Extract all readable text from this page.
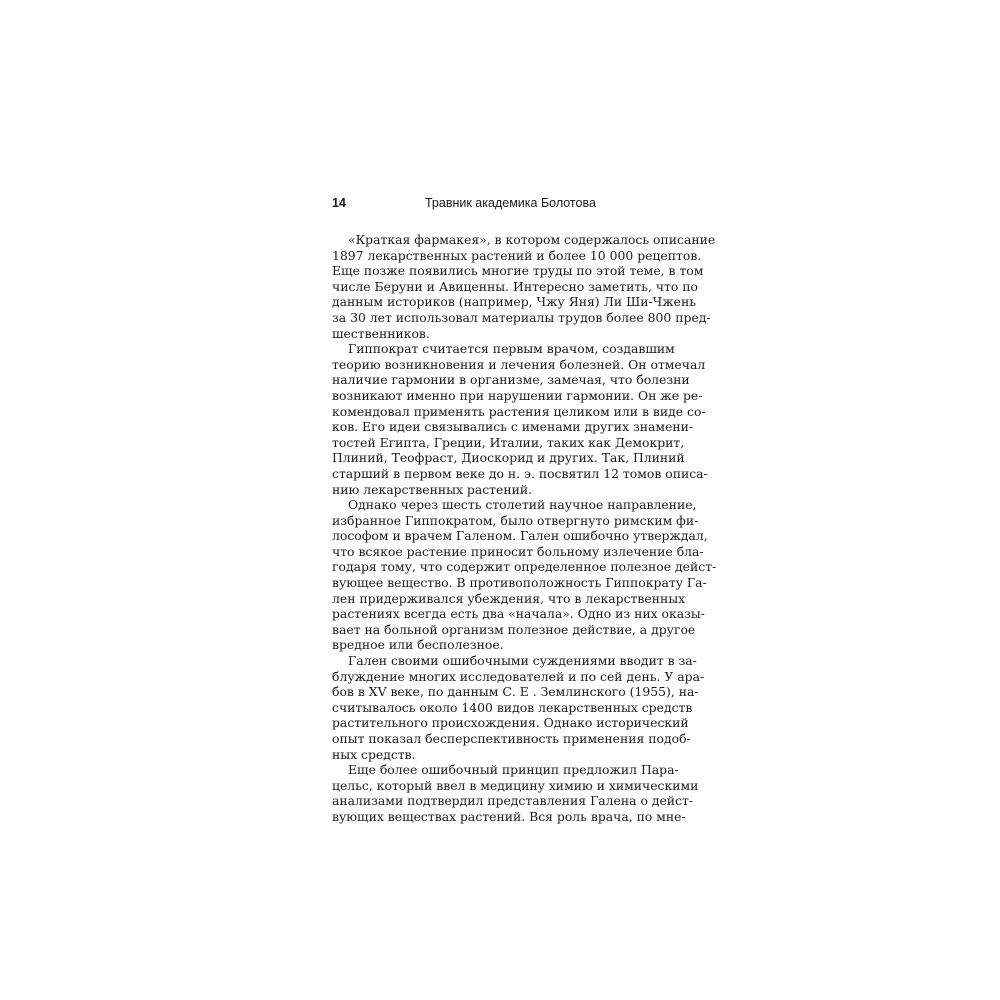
14	Травник академика Болотова
«Краткая фармакея», в котором содержалось описание
1897 лекарственных растений и более 10 000 рецептов.
Еще позже появились многие труды по этой теме, в том
числе Беруни и Авиценны. Интересно заметить, что по
данным историков (например, Чжу Яня) Ли Ши-Чжень
за 30 лет использовал материалы трудов более 800 пред-
шественников.
Гиппократ считается первым врачом, создавшим
теорию возникновения и лечения болезней. Он отмечал
наличие гармонии в организме, замечая, что болезни
возникают именно при нарушении гармонии. Он же ре-
комендовал применять растения целиком или в виде со-
ков. Его идеи связывались с именами других знамени-
тостей Египта, Греции, Италии, таких как Демокрит,
Плиний, Теофраст, Диоскорид и других. Так, Плиний
старший в первом веке до н. э. посвятил 12 томов описа-
нию лекарственных растений.
Однако через шесть столетий научное направление,
избранное Гиппократом, было отвергнуто римским фи-
лософом и врачем Галеном. Гален ошибочно утверждал,
что всякое растение приносит больному излечение бла-
годаря тому, что содержит определенное полезное дейст-
вующее вещество. В противоположность Гиппократу Га-
лен придерживался убеждения, что в лекарственных
растениях всегда есть два «начала». Одно из них оказы-
вает на больной организм полезное действие, а другое
вредное или бесполезное.
Гален своими ошибочными суждениями вводит в за-
блуждение многих исследователей и по сей день. У ара-
бов в XV веке, по данным С. Е . Землинского (1955), на-
считывалось около 1400 видов лекарственных средств
растительного происхождения. Однако исторический
опыт показал бесперспективность применения подоб-
ных средств.
Еще более ошибочный принцип предложил Пара-
цельс, который ввел в медицину химию и химическими
анализами подтвердил представления Галена о дейст-
вующих веществах растений. Вся роль врача, по мне-
